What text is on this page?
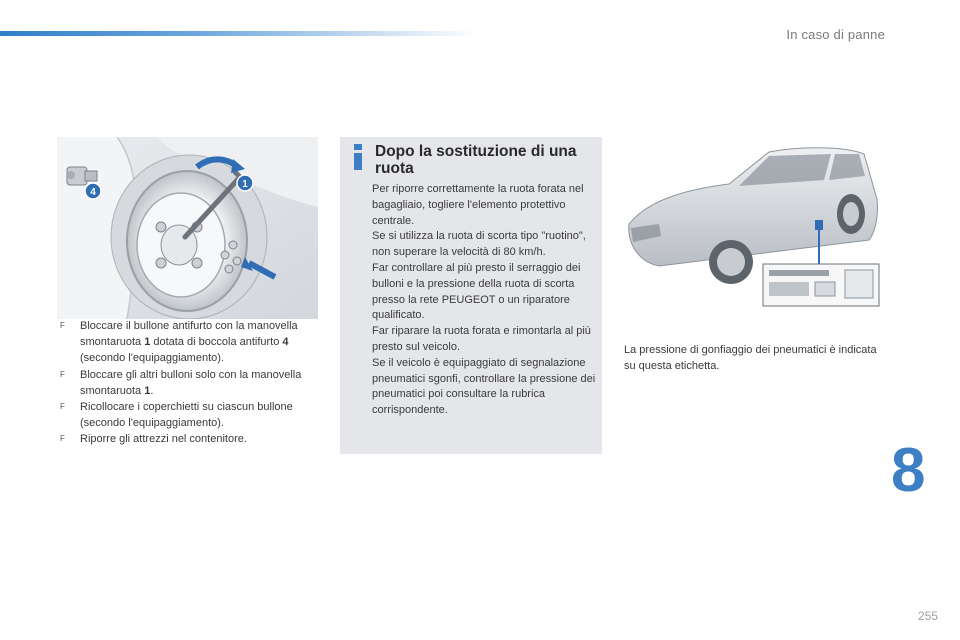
In caso di panne
4
1
F Bloccare il bullone antifurto con la manovella smontaruota 1 dotata di boccola antifurto 4 (secondo l'equipaggiamento).
F Bloccare gli altri bulloni solo con la manovella smontaruota 1.
F Ricollocare i coperchietti su ciascun bullone (secondo l'equipaggiamento).
F Riporre gli attrezzi nel contenitore.
Dopo la sostituzione di una ruota
Per riporre correttamente la ruota forata nel bagagliaio, togliere l'elemento protettivo centrale.
Se si utilizza la ruota di scorta tipo "ruotino", non superare la velocità di 80 km/h.
Far controllare al più presto il serraggio dei bulloni e la pressione della ruota di scorta presso la rete PEUGEOT o un riparatore qualificato.
Far riparare la ruota forata e rimontarla al più presto sul veicolo.
Se il veicolo è equipaggiato di segnalazione pneumatici sgonfi, controllare la pressione dei pneumatici poi consultare la rubrica corrispondente.
La pressione di gonfiaggio dei pneumatici è indicata su questa etichetta.
8
255
